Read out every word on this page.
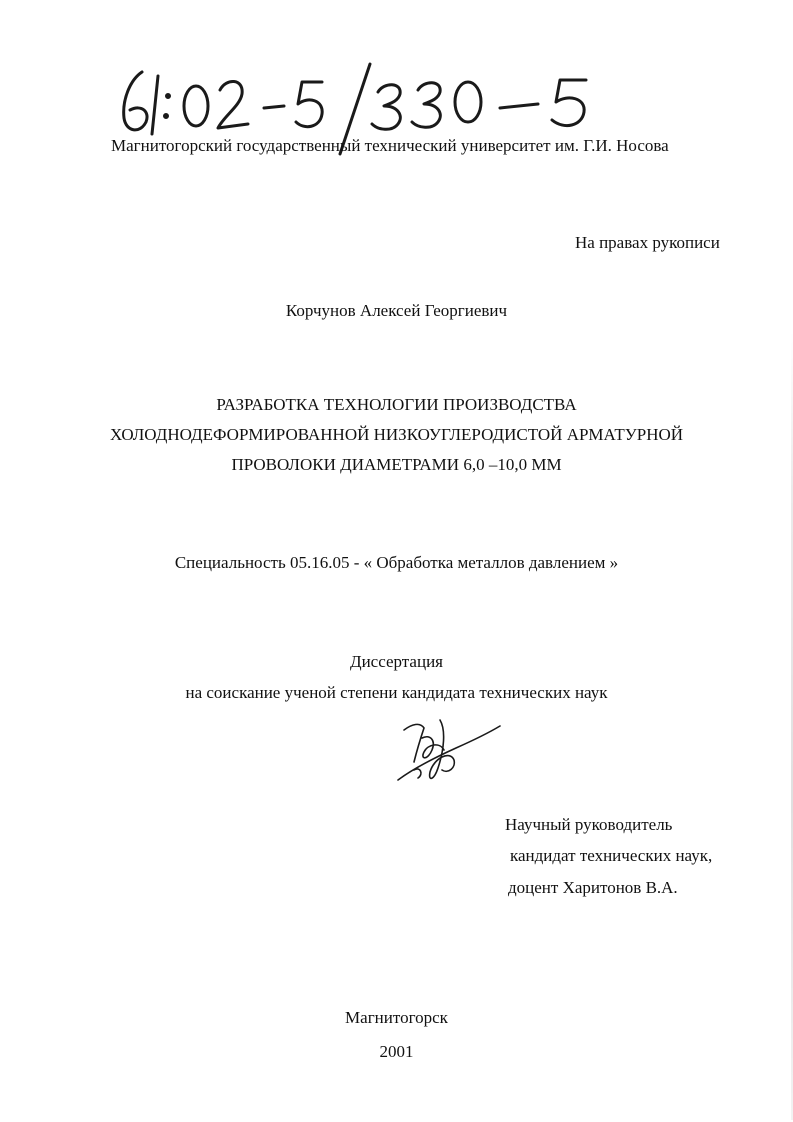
Магнитогорский государственный технический университет им. Г.И. Носова
На правах рукописи
Корчунов Алексей Георгиевич
РАЗРАБОТКА ТЕХНОЛОГИИ ПРОИЗВОДСТВА
ХОЛОДНОДЕФОРМИРОВАННОЙ НИЗКОУГЛЕРОДИСТОЙ АРМАТУРНОЙ
ПРОВОЛОКИ ДИАМЕТРАМИ 6,0 –10,0 ММ
Специальность 05.16.05 - « Обработка металлов давлением »
Диссертация
на соискание ученой степени кандидата технических наук
Научный руководитель
кандидат технических наук,
доцент Харитонов В.А.
Магнитогорск
2001
